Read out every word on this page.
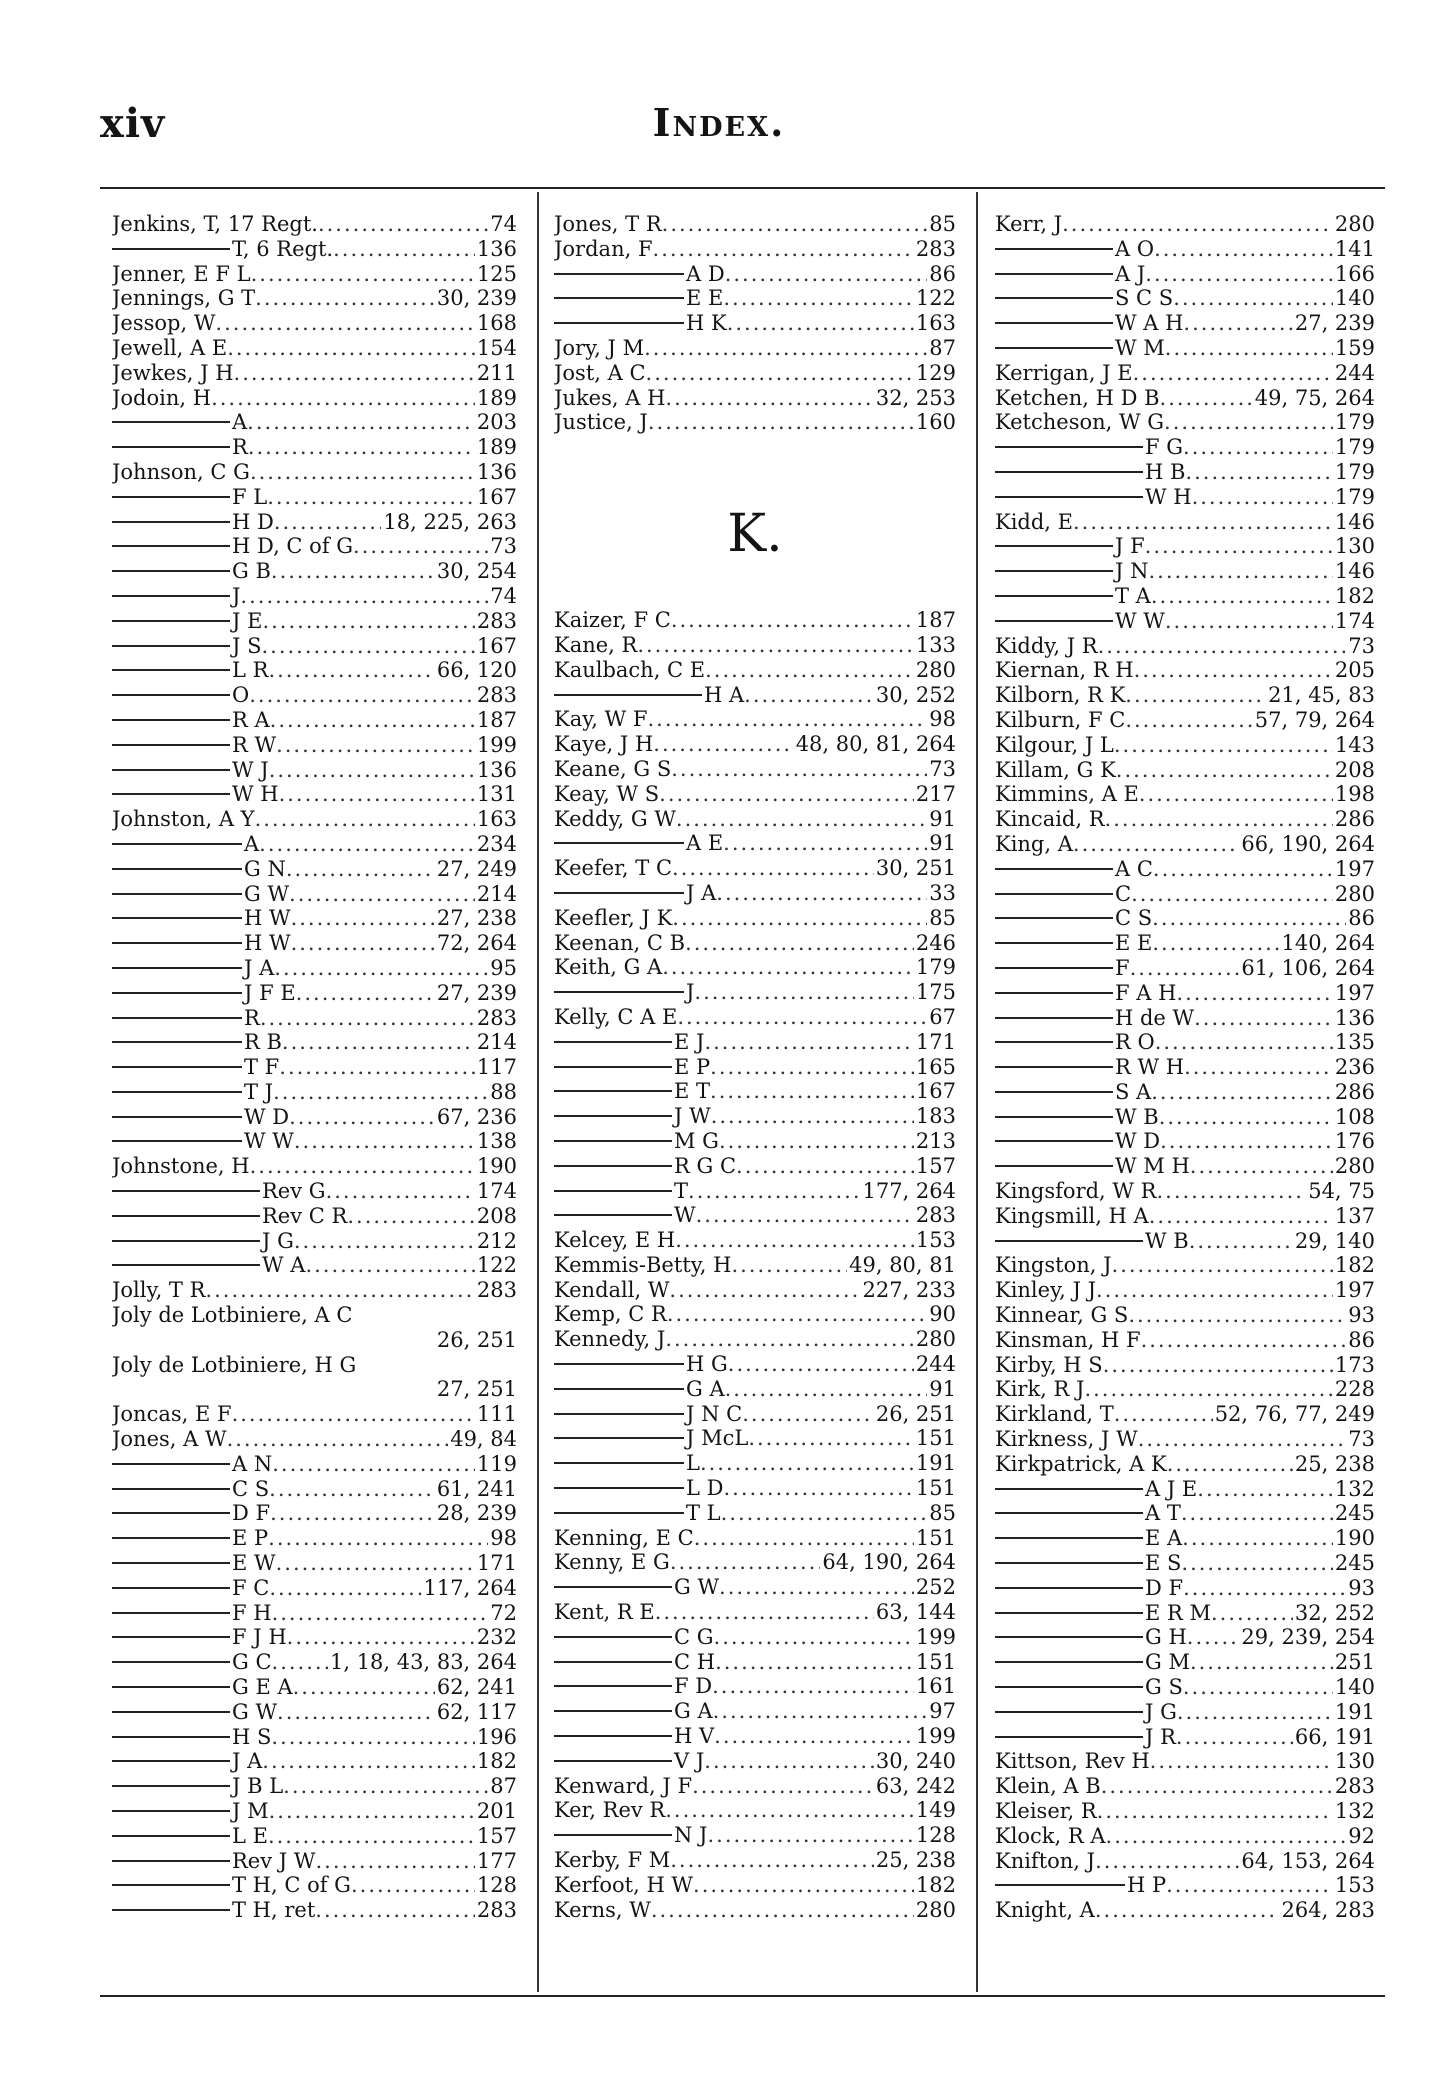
xiv	Index.
Jenkins, T, 17 Regt. .....	74
T, 6 Regt. .....	136
Jenner, E F L .....	125
Jennings, G T .....	30, 239
Jessop, W .....	168
Jewell, A E .....	154
Jewkes, J H .....	211
Jodoin, H .....	189
A .....	203
R .....	189
Johnson, C G .....	136
F L .....	167
H D .....	18, 225, 263
H D, C of G .....	73
G B .....	30, 254
J .....	74
J E .....	283
J S .....	167
L R .....	66, 120
O .....	283
R A .....	187
R W .....	199
W J .....	136
W H .....	131
Johnston, A Y .....	163
A .....	234
G N .....	27, 249
G W .....	214
H W .....	27, 238
H W .....	72, 264
J A .....	95
J F E .....	27, 239
R .....	283
R B .....	214
T F .....	117
T J .....	88
W D .....	67, 236
W W .....	138
Johnstone, H .....	190
Rev G .....	174
Rev C R .....	208
J G .....	212
W A .....	122
Jolly, T R .....	283
Joly de Lotbiniere, A C
26, 251
Joly de Lotbiniere, H G
27, 251
Joncas, E F .....	111
Jones, A W .....	49, 84
A N .....	119
C S .....	61, 241
D F .....	28, 239
E P .....	98
E W .....	171
F C .....	117, 264
F H .....	72
F J H .....	232
G C .....	1, 18, 43, 83, 264
G E A .....	62, 241
G W .....	62, 117
H S .....	196
J A .....	182
J B L .....	87
J M .....	201
L E .....	157
Rev J W .....	177
T H, C of G .....	128
T H, ret .....	283
Jones, T R .....	85
Jordan, F .....	283
A D .....	86
E E .....	122
H K .....	163
Jory, J M .....	87
Jost, A C .....	129
Jukes, A H .....	32, 253
Justice, J .....	160
K.
Kaizer, F C .....	187
Kane, R .....	133
Kaulbach, C E .....	280
H A .....	30, 252
Kay, W F .....	98
Kaye, J H .....	48, 80, 81, 264
Keane, G S .....	73
Keay, W S .....	217
Keddy, G W .....	91
A E .....	91
Keefer, T C .....	30, 251
J A .....	33
Keefler, J K .....	85
Keenan, C B .....	246
Keith, G A .....	179
J .....	175
Kelly, C A E .....	67
E J .....	171
E P .....	165
E T .....	167
J W .....	183
M G .....	213
R G C .....	157
T .....	177, 264
W .....	283
Kelcey, E H .....	153
Kemmis-Betty, H .....	49, 80, 81
Kendall, W .....	227, 233
Kemp, C R .....	90
Kennedy, J .....	280
H G .....	244
G A .....	91
J N C .....	26, 251
J McL .....	151
L .....	191
L D .....	151
T L .....	85
Kenning, E C .....	151
Kenny, E G .....	64, 190, 264
G W .....	252
Kent, R E .....	63, 144
C G .....	199
C H .....	151
F D .....	161
G A .....	97
H V .....	199
V J .....	30, 240
Kenward, J F .....	63, 242
Ker, Rev R .....	149
N J .....	128
Kerby, F M .....	25, 238
Kerfoot, H W .....	182
Kerns, W .....	280
Kerr, J .....	280
A O .....	141
A J .....	166
S C S .....	140
W A H .....	27, 239
W M .....	159
Kerrigan, J E .....	244
Ketchen, H D B .....	49, 75, 264
Ketcheson, W G .....	179
F G .....	179
H B .....	179
W H .....	179
Kidd, E .....	146
J F .....	130
J N .....	146
T A .....	182
W W .....	174
Kiddy, J R .....	73
Kiernan, R H .....	205
Kilborn, R K .....	21, 45, 83
Kilburn, F C .....	57, 79, 264
Kilgour, J L .....	143
Killam, G K .....	208
Kimmins, A E .....	198
Kincaid, R .....	286
King, A .....	66, 190, 264
A C .....	197
C .....	280
C S .....	86
E E .....	140, 264
F .....	61, 106, 264
F A H .....	197
H de W .....	136
R O .....	135
R W H .....	236
S A .....	286
W B .....	108
W D .....	176
W M H .....	280
Kingsford, W R .....	54, 75
Kingsmill, H A .....	137
W B .....	29, 140
Kingston, J .....	182
Kinley, J J .....	197
Kinnear, G S .....	93
Kinsman, H F .....	86
Kirby, H S .....	173
Kirk, R J .....	228
Kirkland, T .....	52, 76, 77, 249
Kirkness, J W .....	73
Kirkpatrick, A K .....	25, 238
A J E .....	132
A T .....	245
E A .....	190
E S .....	245
D F .....	93
E R M .....	32, 252
G H .....	29, 239, 254
G M .....	251
G S .....	140
J G .....	191
J R .....	66, 191
Kittson, Rev H .....	130
Klein, A B .....	283
Kleiser, R .....	132
Klock, R A .....	92
Knifton, J .....	64, 153, 264
H P .....	153
Knight, A .....	264, 283
